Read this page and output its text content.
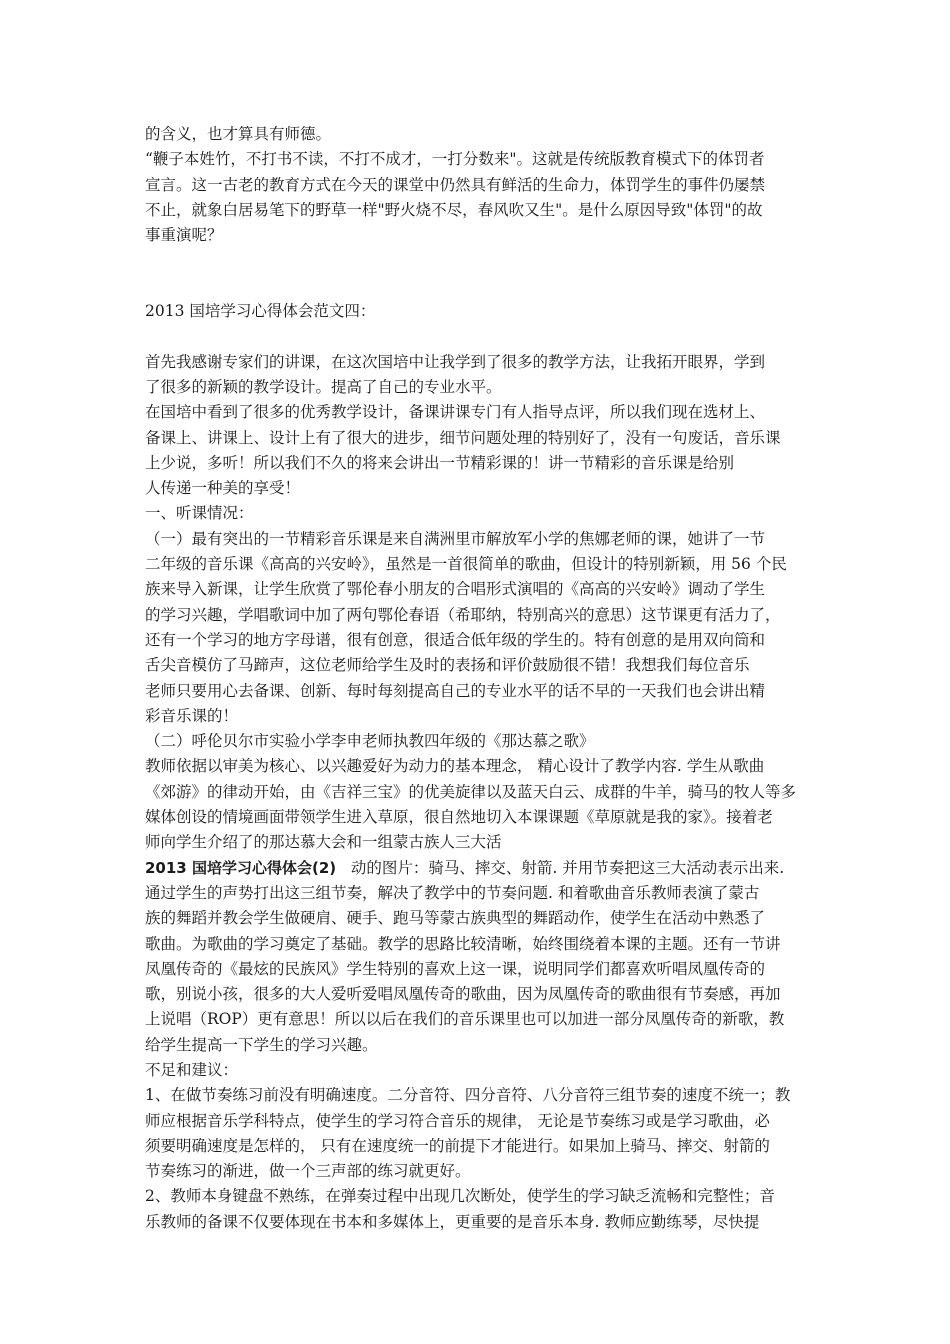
的含义，也才算具有师德。
“鞭子本姓竹，不打书不读，不打不成才，一打分数来"。这就是传统版教育模式下的体罚者
宣言。这一古老的教育方式在今天的课堂中仍然具有鲜活的生命力，体罚学生的事件仍屡禁
不止，就象白居易笔下的野草一样"野火烧不尽，春风吹又生"。是什么原因导致"体罚"的故
事重演呢？
2013 国培学习心得体会范文四：
首先我感谢专家们的讲课，在这次国培中让我学到了很多的教学方法，让我拓开眼界，学到
了很多的新颖的教学设计。提高了自己的专业水平。
在国培中看到了很多的优秀教学设计，备课讲课专门有人指导点评，所以我们现在选材上、
备课上、讲课上、设计上有了很大的进步，细节问题处理的特别好了，没有一句废话，音乐课
上少说，多听！所以我们不久的将来会讲出一节精彩课的！讲一节精彩的音乐课是给别
人传递一种美的享受！
一、听课情况：
（一）最有突出的一节精彩音乐课是来自满洲里市解放军小学的焦娜老师的课，她讲了一节
二年级的音乐课《高高的兴安岭》，虽然是一首很简单的歌曲，但设计的特别新颖，用 56 个民
族来导入新课，让学生欣赏了鄂伦春小朋友的合唱形式演唱的《高高的兴安岭》调动了学生
的学习兴趣，学唱歌词中加了两句鄂伦春语（希耶纳，特别高兴的意思）这节课更有活力了，
还有一个学习的地方字母谱，很有创意，很适合低年级的学生的。特有创意的是用双向筒和
舌尖音模仿了马蹄声，这位老师给学生及时的表扬和评价鼓励很不错！我想我们每位音乐
老师只要用心去备课、创新、每时每刻提高自己的专业水平的话不早的一天我们也会讲出精
彩音乐课的！
（二）呼伦贝尔市实验小学李申老师执教四年级的《那达慕之歌》
教师依据以审美为核心、以兴趣爱好为动力的基本理念， 精心设计了教学内容. 学生从歌曲
《郊游》的律动开始，由《吉祥三宝》的优美旋律以及蓝天白云、成群的牛羊，骑马的牧人等多
媒体创设的情境画面带领学生进入草原，很自然地切入本课课题《草原就是我的家》。接着老
师向学生介绍了的那达慕大会和一组蒙古族人三大活
2013 国培学习心得体会(2) 动的图片：骑马、摔交、射箭. 并用节奏把这三大活动表示出来.
通过学生的声势打出这三组节奏，解决了教学中的节奏问题. 和着歌曲音乐教师表演了蒙古
族的舞蹈并教会学生做硬肩、硬手、跑马等蒙古族典型的舞蹈动作，使学生在活动中熟悉了
歌曲。为歌曲的学习奠定了基础。教学的思路比较清晰，始终围绕着本课的主题。还有一节讲
凤凰传奇的《最炫的民族风》学生特别的喜欢上这一课，说明同学们都喜欢听唱凤凰传奇的
歌，别说小孩，很多的大人爱听爱唱凤凰传奇的歌曲，因为凤凰传奇的歌曲很有节奏感，再加
上说唱（ROP）更有意思！所以以后在我们的音乐课里也可以加进一部分凤凰传奇的新歌，教
给学生提高一下学生的学习兴趣。
不足和建议：
1、在做节奏练习前没有明确速度。二分音符、四分音符、八分音符三组节奏的速度不统一；教
师应根据音乐学科特点，使学生的学习符合音乐的规律， 无论是节奏练习或是学习歌曲，必
须要明确速度是怎样的， 只有在速度统一的前提下才能进行。如果加上骑马、摔交、射箭的
节奏练习的渐进，做一个三声部的练习就更好。
2、教师本身键盘不熟练，在弹奏过程中出现几次断处，使学生的学习缺乏流畅和完整性；音
乐教师的备课不仅要体现在书本和多媒体上，更重要的是音乐本身. 教师应勤练琴，尽快提
